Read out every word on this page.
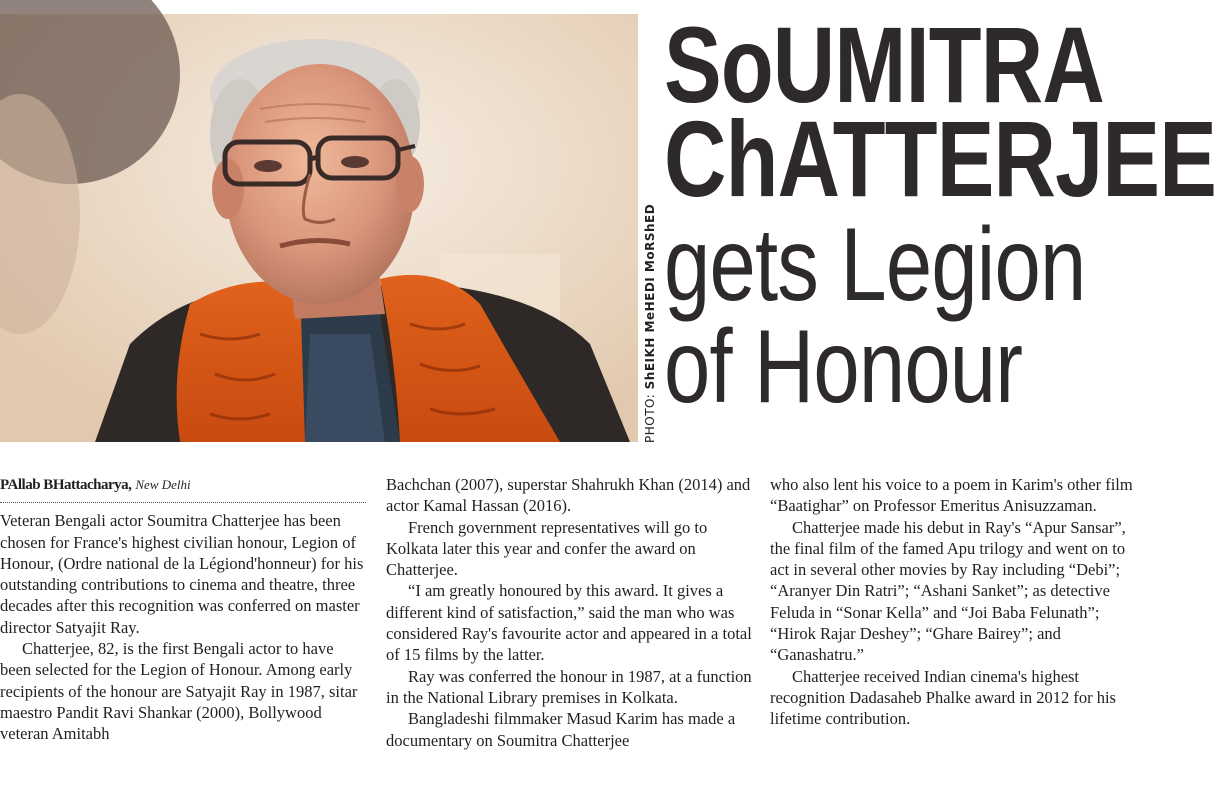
PHOTO: ShEIKH MeHEDI MoRShED
SoUMITRA
ChATTERJEE
gets Legion
of Honour
PAllab BHattacharya, New Delhi

Veteran Bengali actor Soumitra Chatterjee has been chosen for France's highest civilian honour, Legion of Honour, (Ordre national de la Légiond'honneur) for his outstanding contributions to cinema and theatre, three decades after this recognition was conferred on master director Satyajit Ray.

Chatterjee, 82, is the first Bengali actor to have been selected for the Legion of Honour. Among early recipients of the honour are Satyajit Ray in 1987, sitar maestro Pandit Ravi Shankar (2000), Bollywood veteran Amitabh

Bachchan (2007), superstar Shahrukh Khan (2014) and actor Kamal Hassan (2016).

French government representatives will go to Kolkata later this year and confer the award on Chatterjee.

“I am greatly honoured by this award. It gives a different kind of satisfaction,” said the man who was considered Ray's favourite actor and appeared in a total of 15 films by the latter.

Ray was conferred the honour in 1987, at a function in the National Library premises in Kolkata.

Bangladeshi filmmaker Masud Karim has made a documentary on Soumitra Chatterjee

who also lent his voice to a poem in Karim's other film “Baatighar” on Professor Emeritus Anisuzzaman.

Chatterjee made his debut in Ray's “Apur Sansar”, the final film of the famed Apu trilogy and went on to act in several other movies by Ray including “Debi”; “Aranyer Din Ratri”; “Ashani Sanket”; as detective Feluda in “Sonar Kella” and “Joi Baba Felunath”; “Hirok Rajar Deshey”; “Ghare Bairey”; and “Ganashatru.”

Chatterjee received Indian cinema's highest recognition Dadasaheb Phalke award in 2012 for his lifetime contribution.
